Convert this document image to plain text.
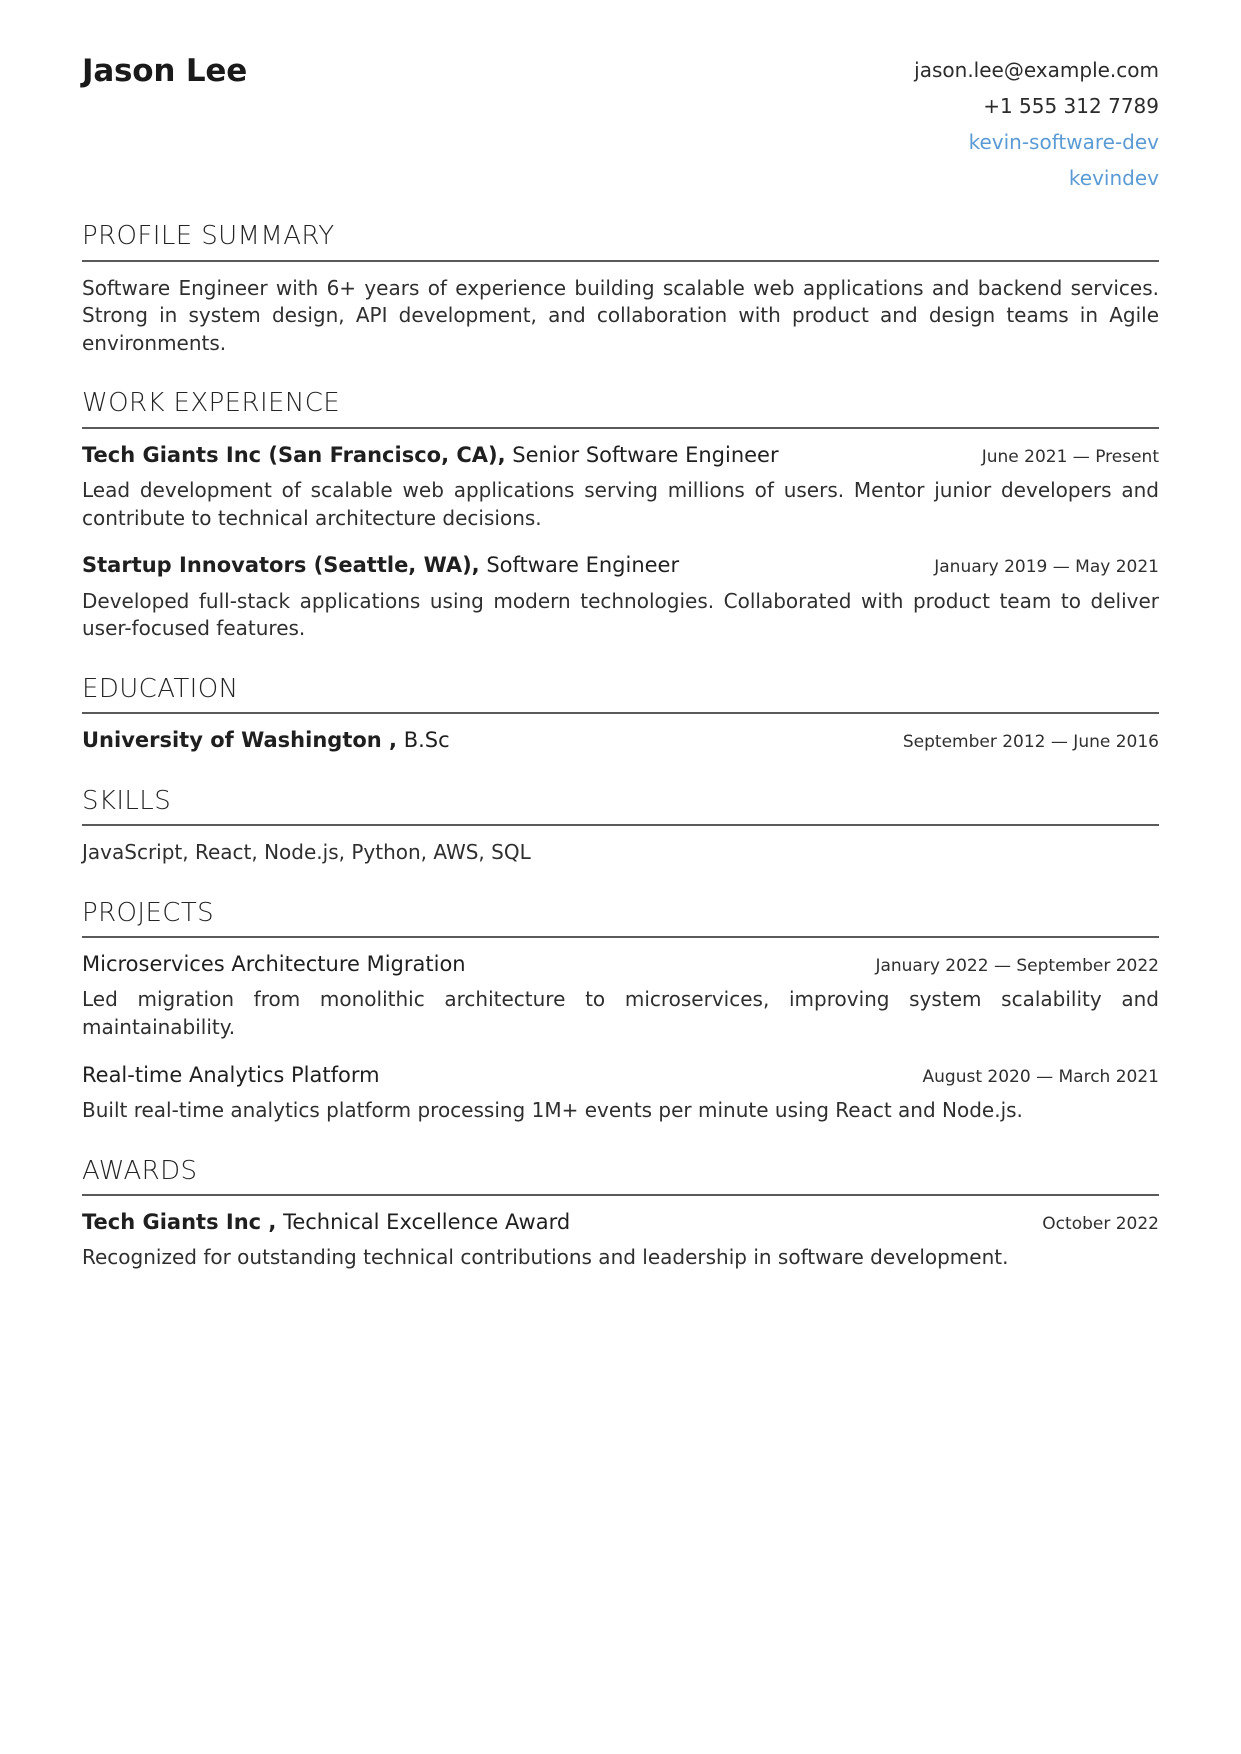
Jason Lee	jason.lee@example.com
+1 555 312 7789
kevin-software-dev
kevindev
PROFILE SUMMARY
Software Engineer with 6+ years of experience building scalable web applications and backend services. Strong in system design, API development, and collaboration with product and design teams in Agile environments.
WORK EXPERIENCE
Tech Giants Inc (San Francisco, CA), Senior Software Engineer	June 2021 — Present
Lead development of scalable web applications serving millions of users. Mentor junior developers and contribute to technical architecture decisions.
Startup Innovators (Seattle, WA), Software Engineer	January 2019 — May 2021
Developed full-stack applications using modern technologies. Collaborated with product team to deliver user-focused features.
EDUCATION
University of Washington , B.Sc	September 2012 — June 2016
SKILLS
JavaScript, React, Node.js, Python, AWS, SQL
PROJECTS
Microservices Architecture Migration	January 2022 — September 2022
Led migration from monolithic architecture to microservices, improving system scalability and maintainability.
Real-time Analytics Platform	August 2020 — March 2021
Built real-time analytics platform processing 1M+ events per minute using React and Node.js.
AWARDS
Tech Giants Inc , Technical Excellence Award	October 2022
Recognized for outstanding technical contributions and leadership in software development.
